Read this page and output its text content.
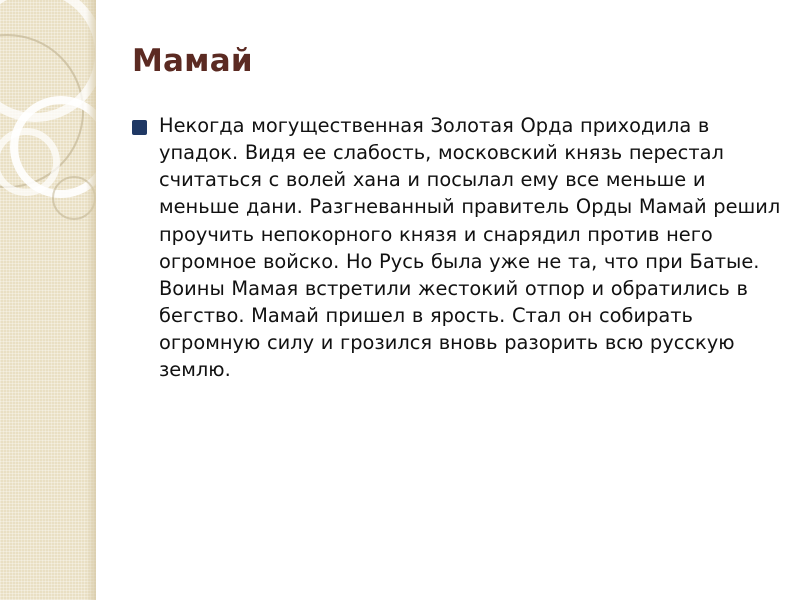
Мамай
Некогда могущественная Золотая Орда приходила в упадок. Видя ее слабость, московский князь перестал считаться с волей хана и посылал ему все меньше и меньше дани. Разгневанный правитель Орды Мамай решил проучить непокорного князя и снарядил против него огромное войско. Но Русь была уже не та, что при Батые. Воины Мамая встретили жестокий отпор и обратились в бегство. Мамай пришел в ярость. Стал он собирать огромную силу и грозился вновь разорить всю русскую землю.
